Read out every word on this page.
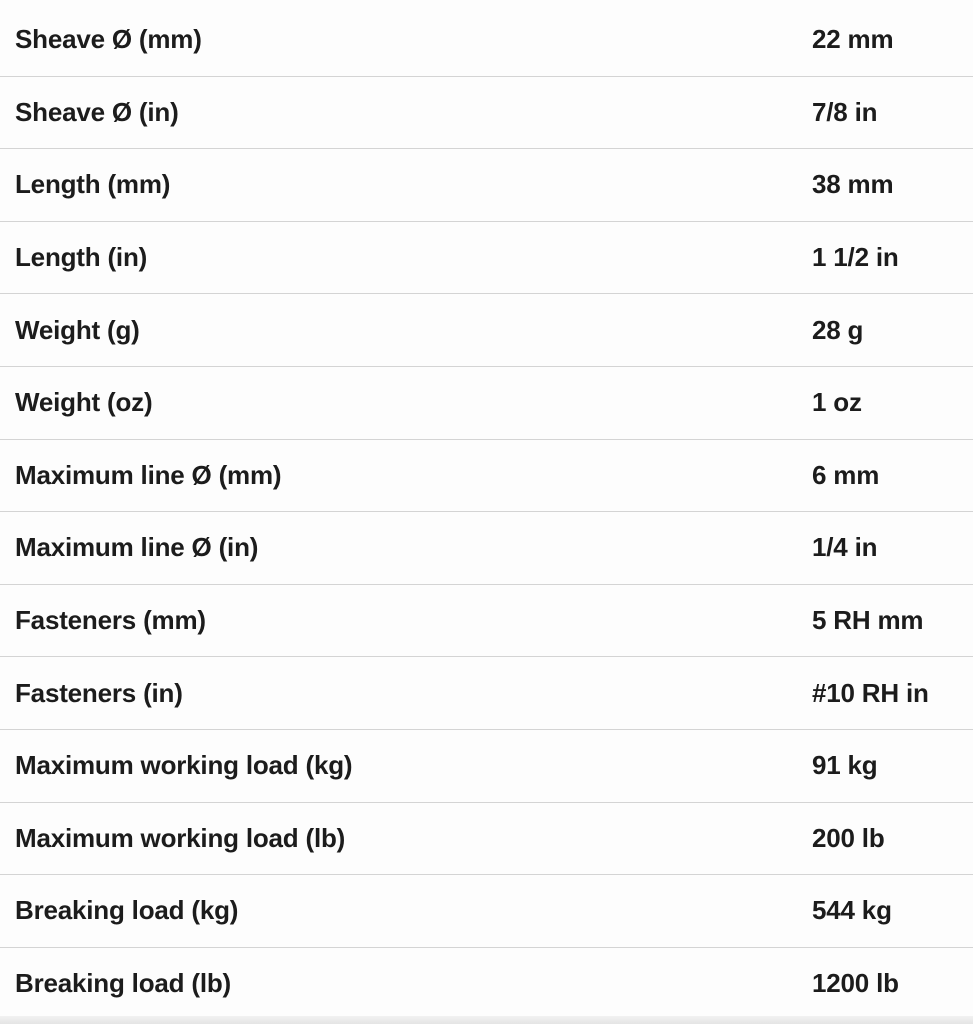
Sheave Ø (mm)	22 mm
Sheave Ø (in)	7/8 in
Length (mm)	38 mm
Length (in)	1 1/2 in
Weight (g)	28 g
Weight (oz)	1 oz
Maximum line Ø (mm)	6 mm
Maximum line Ø (in)	1/4 in
Fasteners (mm)	5 RH mm
Fasteners (in)	#10 RH in
Maximum working load (kg)	91 kg
Maximum working load (lb)	200 lb
Breaking load (kg)	544 kg
Breaking load (lb)	1200 lb
